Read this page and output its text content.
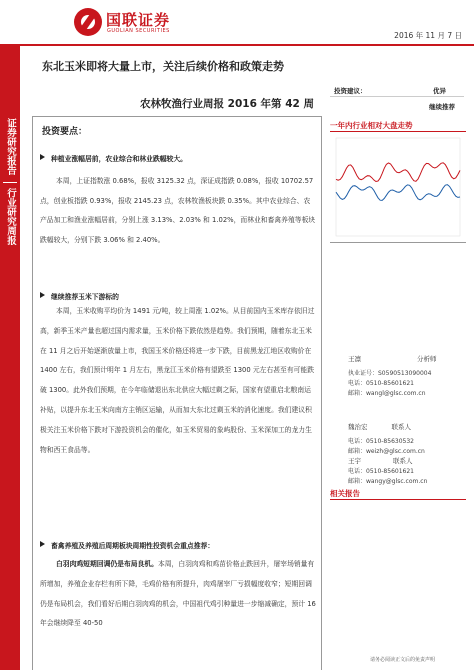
国联证券
GUOLIAN SECURITIES	2016 年 11 月 7 日
证券研究报告
行业研究周报
东北玉米即将大量上市，关注后续价格和政策走势
农林牧渔行业周报 2016 年第 42 周
投资建议：	优异
继续推荐
投资要点：
种植业涨幅居前，农业综合和林业跌幅较大。
本周，上证指数涨 0.68%，报收 3125.32 点，深证成指跌 0.08%，报收 10702.57 点，创业板指跌 0.93%，报收 2145.23 点，农林牧渔板块跌 0.35%。其中农业综合、农产品加工和渔业涨幅居前，分别上涨 3.13%、2.03% 和 1.02%，而林业和畜禽养殖等板块跌幅较大，分别下跌 3.06% 和 2.40%。
继续推荐玉米下游标的
本周，玉米收购平均价为 1491 元/吨，较上周涨 1.02%。从目前国内玉米库存依旧过高，新季玉米产量也超过国内需求量，玉米价格下跌依然是趋势。我们预期，随着东北玉米在 11 月之后开始逐渐放量上市，我国玉米价格还将进一步下跌，目前黑龙江地区收购价在 1400 左右，我们预计明年 1 月左右，黑龙江玉米价格有望跌至 1300 元左右甚至有可能跌破 1300。此外我们预期，在今年临储退出东北供应大幅过剩之际，国家有望重启北粮南运补贴，以提升东北玉米向南方主销区运输，从而加大东北过剩玉米的消化速度。我们建议积极关注玉米价格下跌对下游投资机会的催化，如玉米贸易的象屿股份、玉米深加工的龙力生物和西王食品等。
畜禽养殖及养殖后周期板块周期性投资机会重点推荐：
白羽肉鸡短期回调仍是布局良机。本周，白羽肉鸡和鸡苗价格止跌回升，屠宰场销量有所增加，养殖企业存栏有所下降，毛鸡价格有所提升，肉鸡屠宰厂亏损幅度收窄；短期回调仍是布局机会，我们看好后期白羽肉鸡的机会，中国祖代鸡引种量进一步缩减确定，预计 16 年会继续降至 40-50
一年内行业相对大盘走势
王凛	分析师
执业证号：S0590513090004
电话：0510-85601621
邮箱：wangl@glsc.com.cn
魏治宏	联系人
电话：0510-85630532
邮箱：weizh@glsc.com.cn
王宇	联系人
电话：0510-85601621
邮箱：wangy@glsc.com.cn
相关报告
请务必阅读正文后的免责声明
